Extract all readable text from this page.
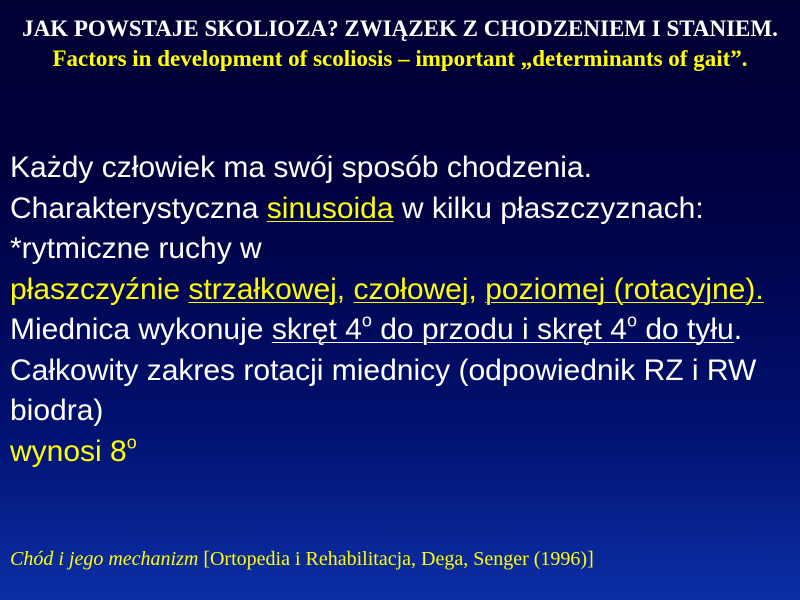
JAK POWSTAJE SKOLIOZA? ZWIĄZEK Z CHODZENIEM I STANIEM. Factors in development of scoliosis – important „determinants of gait”.
Każdy człowiek ma swój sposób chodzenia.
Charakterystyczna sinusoida w kilku płaszczyznach: *rytmiczne ruchy w
płaszczyźnie strzałkowej, czołowej, poziomej (rotacyjne). Miednica wykonuje skręt 4$^o$ do przodu i skręt 4$^o$ do tyłu. Całkowity zakres rotacji miednicy (odpowiednik RZ i RW biodra)
wynosi 8$^o$
Chód i jego mechanizm [Ortopedia i Rehabilitacja, Dega, Senger (1996)]
